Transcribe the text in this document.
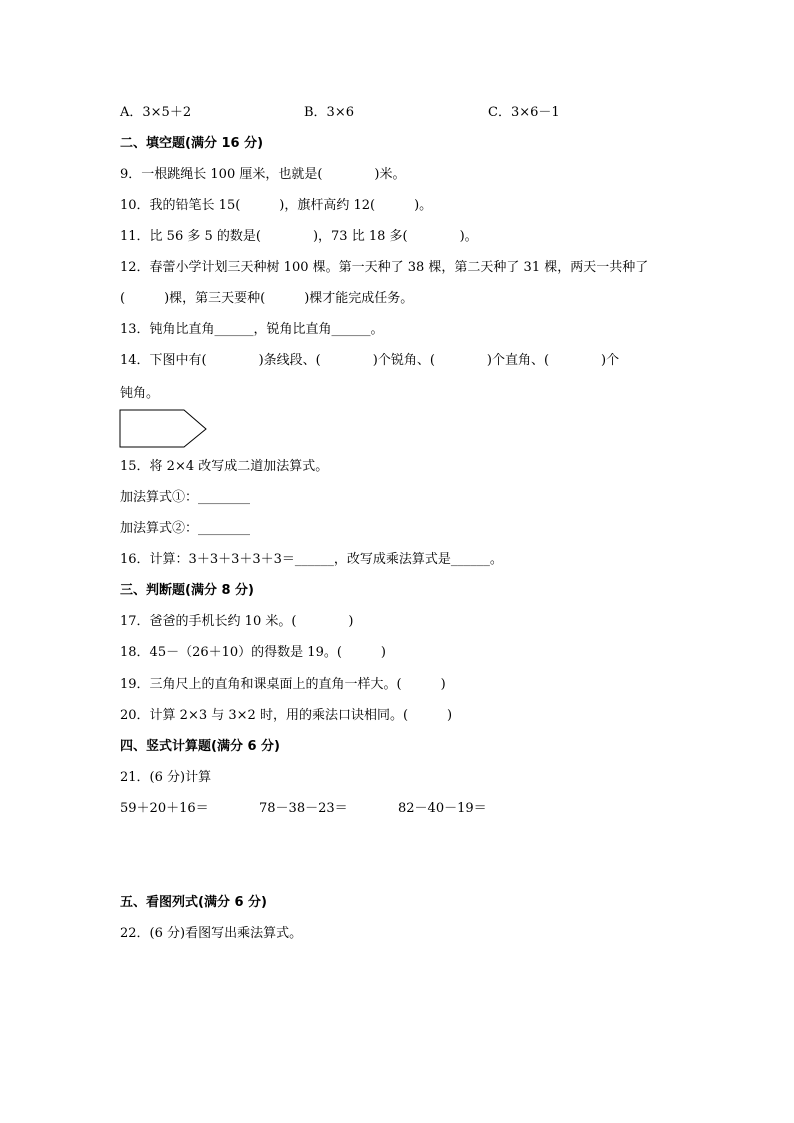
A．3×5＋2	B．3×6	C．3×6－1
二、填空题(满分 16 分)
9．一根跳绳长 100 厘米，也就是(　　　　)米。
10．我的铅笔长 15(　　　)，旗杆高约 12(　　　)。
11．比 56 多 5 的数是(　　　　)，73 比 18 多(　　　　)。
12．春蕾小学计划三天种树 100 棵。第一天种了 38 棵，第二天种了 31 棵，两天一共种了
(　　　)棵，第三天要种(　　　)棵才能完成任务。
13．钝角比直角______，锐角比直角______。
14．下图中有(　　　　)条线段、(　　　　)个锐角、(　　　　)个直角、(　　　　)个
钝角。
15．将 2×4 改写成二道加法算式。
加法算式①：________
加法算式②：________
16．计算：3＋3＋3＋3＋3＝______，改写成乘法算式是______。
三、判断题(满分 8 分)
17．爸爸的手机长约 10 米。(　　　　)
18．45－（26＋10）的得数是 19。(　　　)
19．三角尺上的直角和课桌面上的直角一样大。(　　　)
20．计算 2×3 与 3×2 时，用的乘法口诀相同。(　　　)
四、竖式计算题(满分 6 分)
21．(6 分)计算
59＋20＋16＝	78－38－23＝	82－40－19＝
五、看图列式(满分 6 分)
22．(6 分)看图写出乘法算式。
